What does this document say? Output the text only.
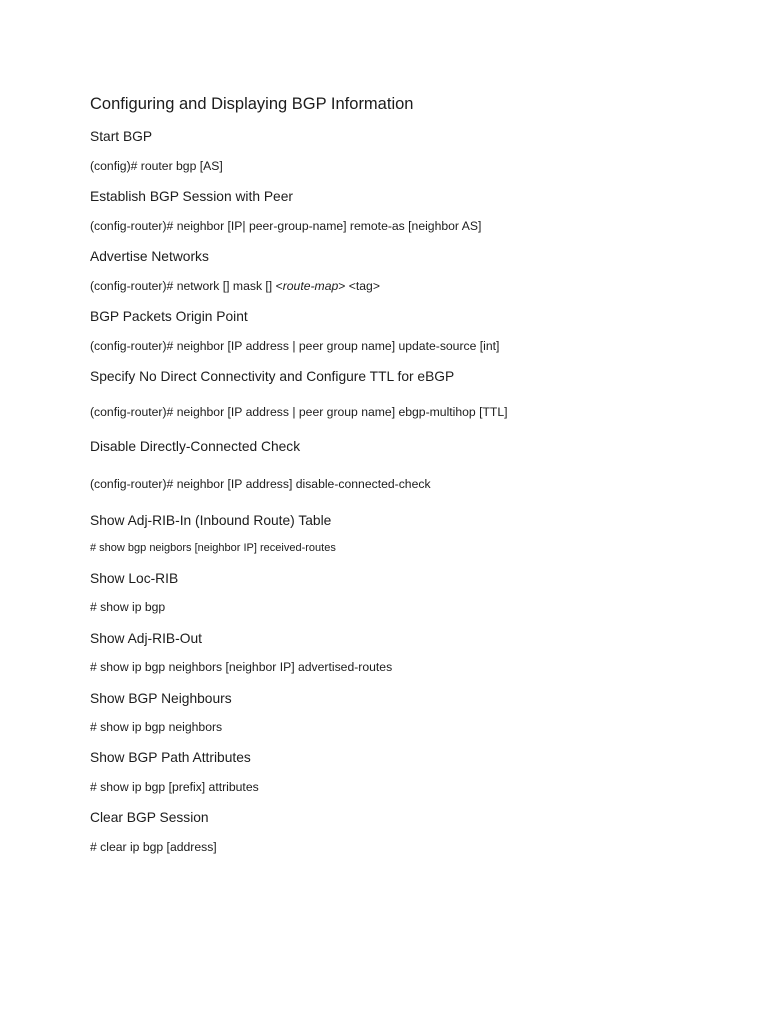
Configuring and Displaying BGP Information
Start BGP
(config)# router bgp [AS]
Establish BGP Session with Peer
(config-router)# neighbor [IP| peer-group-name] remote-as [neighbor AS]
Advertise Networks
(config-router)# network [] mask [] <route-map> <tag>
BGP Packets Origin Point
(config-router)# neighbor [IP address | peer group name] update-source [int]
Specify No Direct Connectivity and Configure TTL for eBGP
(config-router)# neighbor [IP address | peer group name] ebgp-multihop [TTL]
Disable Directly-Connected Check
(config-router)# neighbor [IP address] disable-connected-check
Show Adj-RIB-In (Inbound Route) Table
# show bgp neigbors [neighbor IP] received-routes
Show Loc-RIB
# show ip bgp
Show Adj-RIB-Out
# show ip bgp neighbors [neighbor IP] advertised-routes
Show BGP Neighbours
# show ip bgp neighbors
Show BGP Path Attributes
# show ip bgp [prefix] attributes
Clear BGP Session
# clear ip bgp [address]
